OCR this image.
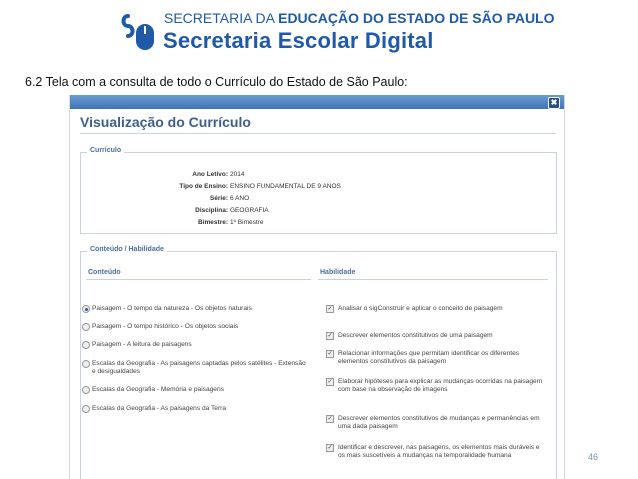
SECRETARIA DA EDUCAÇÃO DO ESTADO DE SÃO PAULO
Secretaria Escolar Digital
6.2 Tela com a consulta de todo o Currículo do Estado de São Paulo:
✖
Visualização do Currículo
Currículo
Ano Letivo: 2014
Tipo de Ensino: ENSINO FUNDAMENTAL DE 9 ANOS
Série: 6 ANO
Disciplina: GEOGRAFIA
Bimestre: 1º Bimestre
Conteúdo / Habilidade
Conteúdo	Habilidade
Paisagem - O tempo da natureza - Os objetos naturais
Paisagem - O tempo histórico - Os objetos sociais
Paisagem - A leitura de paisagens
Escalas da Geografia - As paisagens captadas pelos satélites - Extensão e desigualdades
Escalas da Geografia - Memória e paisagens
Escalas da Geografia - As paisagens da Terra
✓ Analisar o sigConstruir e aplicar o conceito de paisagem
✓ Descrever elementos constitutivos de uma paisagem
✓ Relacionar informações que permitam identificar os diferentes elementos constitutivos da paisagem
✓ Elaborar hipóteses para explicar as mudanças ocorridas na paisagem com base na observação de imagens
✓ Descrever elementos constitutivos de mudanças e permanências em uma dada paisagem
✓ Identificar e descrever, nas paisagens, os elementos mais duráveis e os mais suscetíveis a mudanças na temporalidade humana	46
